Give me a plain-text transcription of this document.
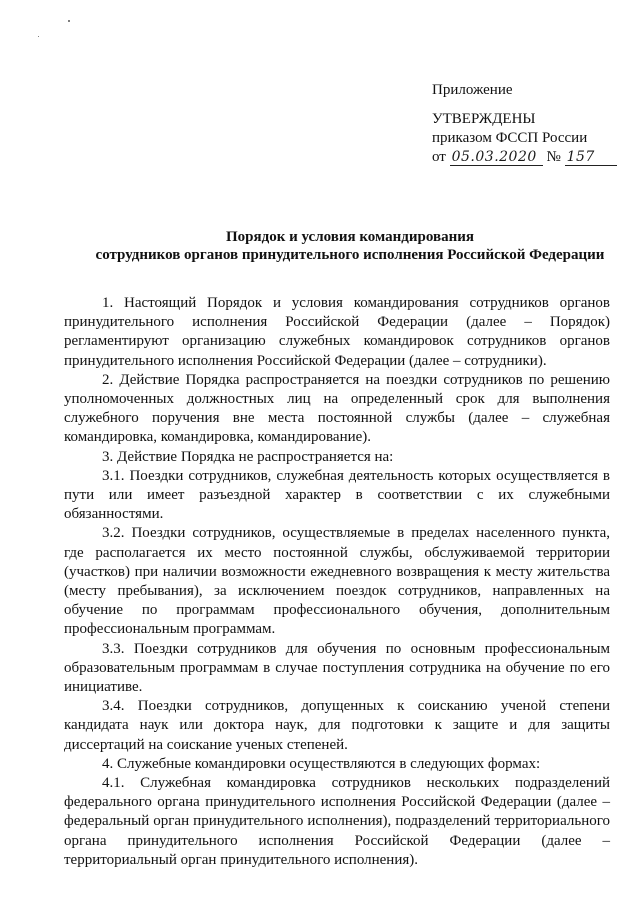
Приложение
УТВЕРЖДЕНЫ
приказом ФССП России
от 05.03.2020 № 157
Порядок и условия командирования
сотрудников органов принудительного исполнения Российской Федерации

1. Настоящий Порядок и условия командирования сотрудников органов принудительного исполнения Российской Федерации (далее – Порядок) регламентируют организацию служебных командировок сотрудников органов принудительного исполнения Российской Федерации (далее – сотрудники).

2. Действие Порядка распространяется на поездки сотрудников по решению уполномоченных должностных лиц на определенный срок для выполнения служебного поручения вне места постоянной службы (далее – служебная командировка, командировка, командирование).

3. Действие Порядка не распространяется на:

3.1. Поездки сотрудников, служебная деятельность которых осуществляется в пути или имеет разъездной характер в соответствии с их служебными обязанностями.

3.2. Поездки сотрудников, осуществляемые в пределах населенного пункта, где располагается их место постоянной службы, обслуживаемой территории (участков) при наличии возможности ежедневного возвращения к месту жительства (месту пребывания), за исключением поездок сотрудников, направленных на обучение по программам профессионального обучения, дополнительным профессиональным программам.

3.3. Поездки сотрудников для обучения по основным профессиональным образовательным программам в случае поступления сотрудника на обучение по его инициативе.

3.4. Поездки сотрудников, допущенных к соисканию ученой степени кандидата наук или доктора наук, для подготовки к защите и для защиты диссертаций на соискание ученых степеней.

4. Служебные командировки осуществляются в следующих формах:

4.1. Служебная командировка сотрудников нескольких подразделений федерального органа принудительного исполнения Российской Федерации (далее – федеральный орган принудительного исполнения), подразделений территориального органа принудительного исполнения Российской Федерации (далее – территориальный орган принудительного исполнения).
